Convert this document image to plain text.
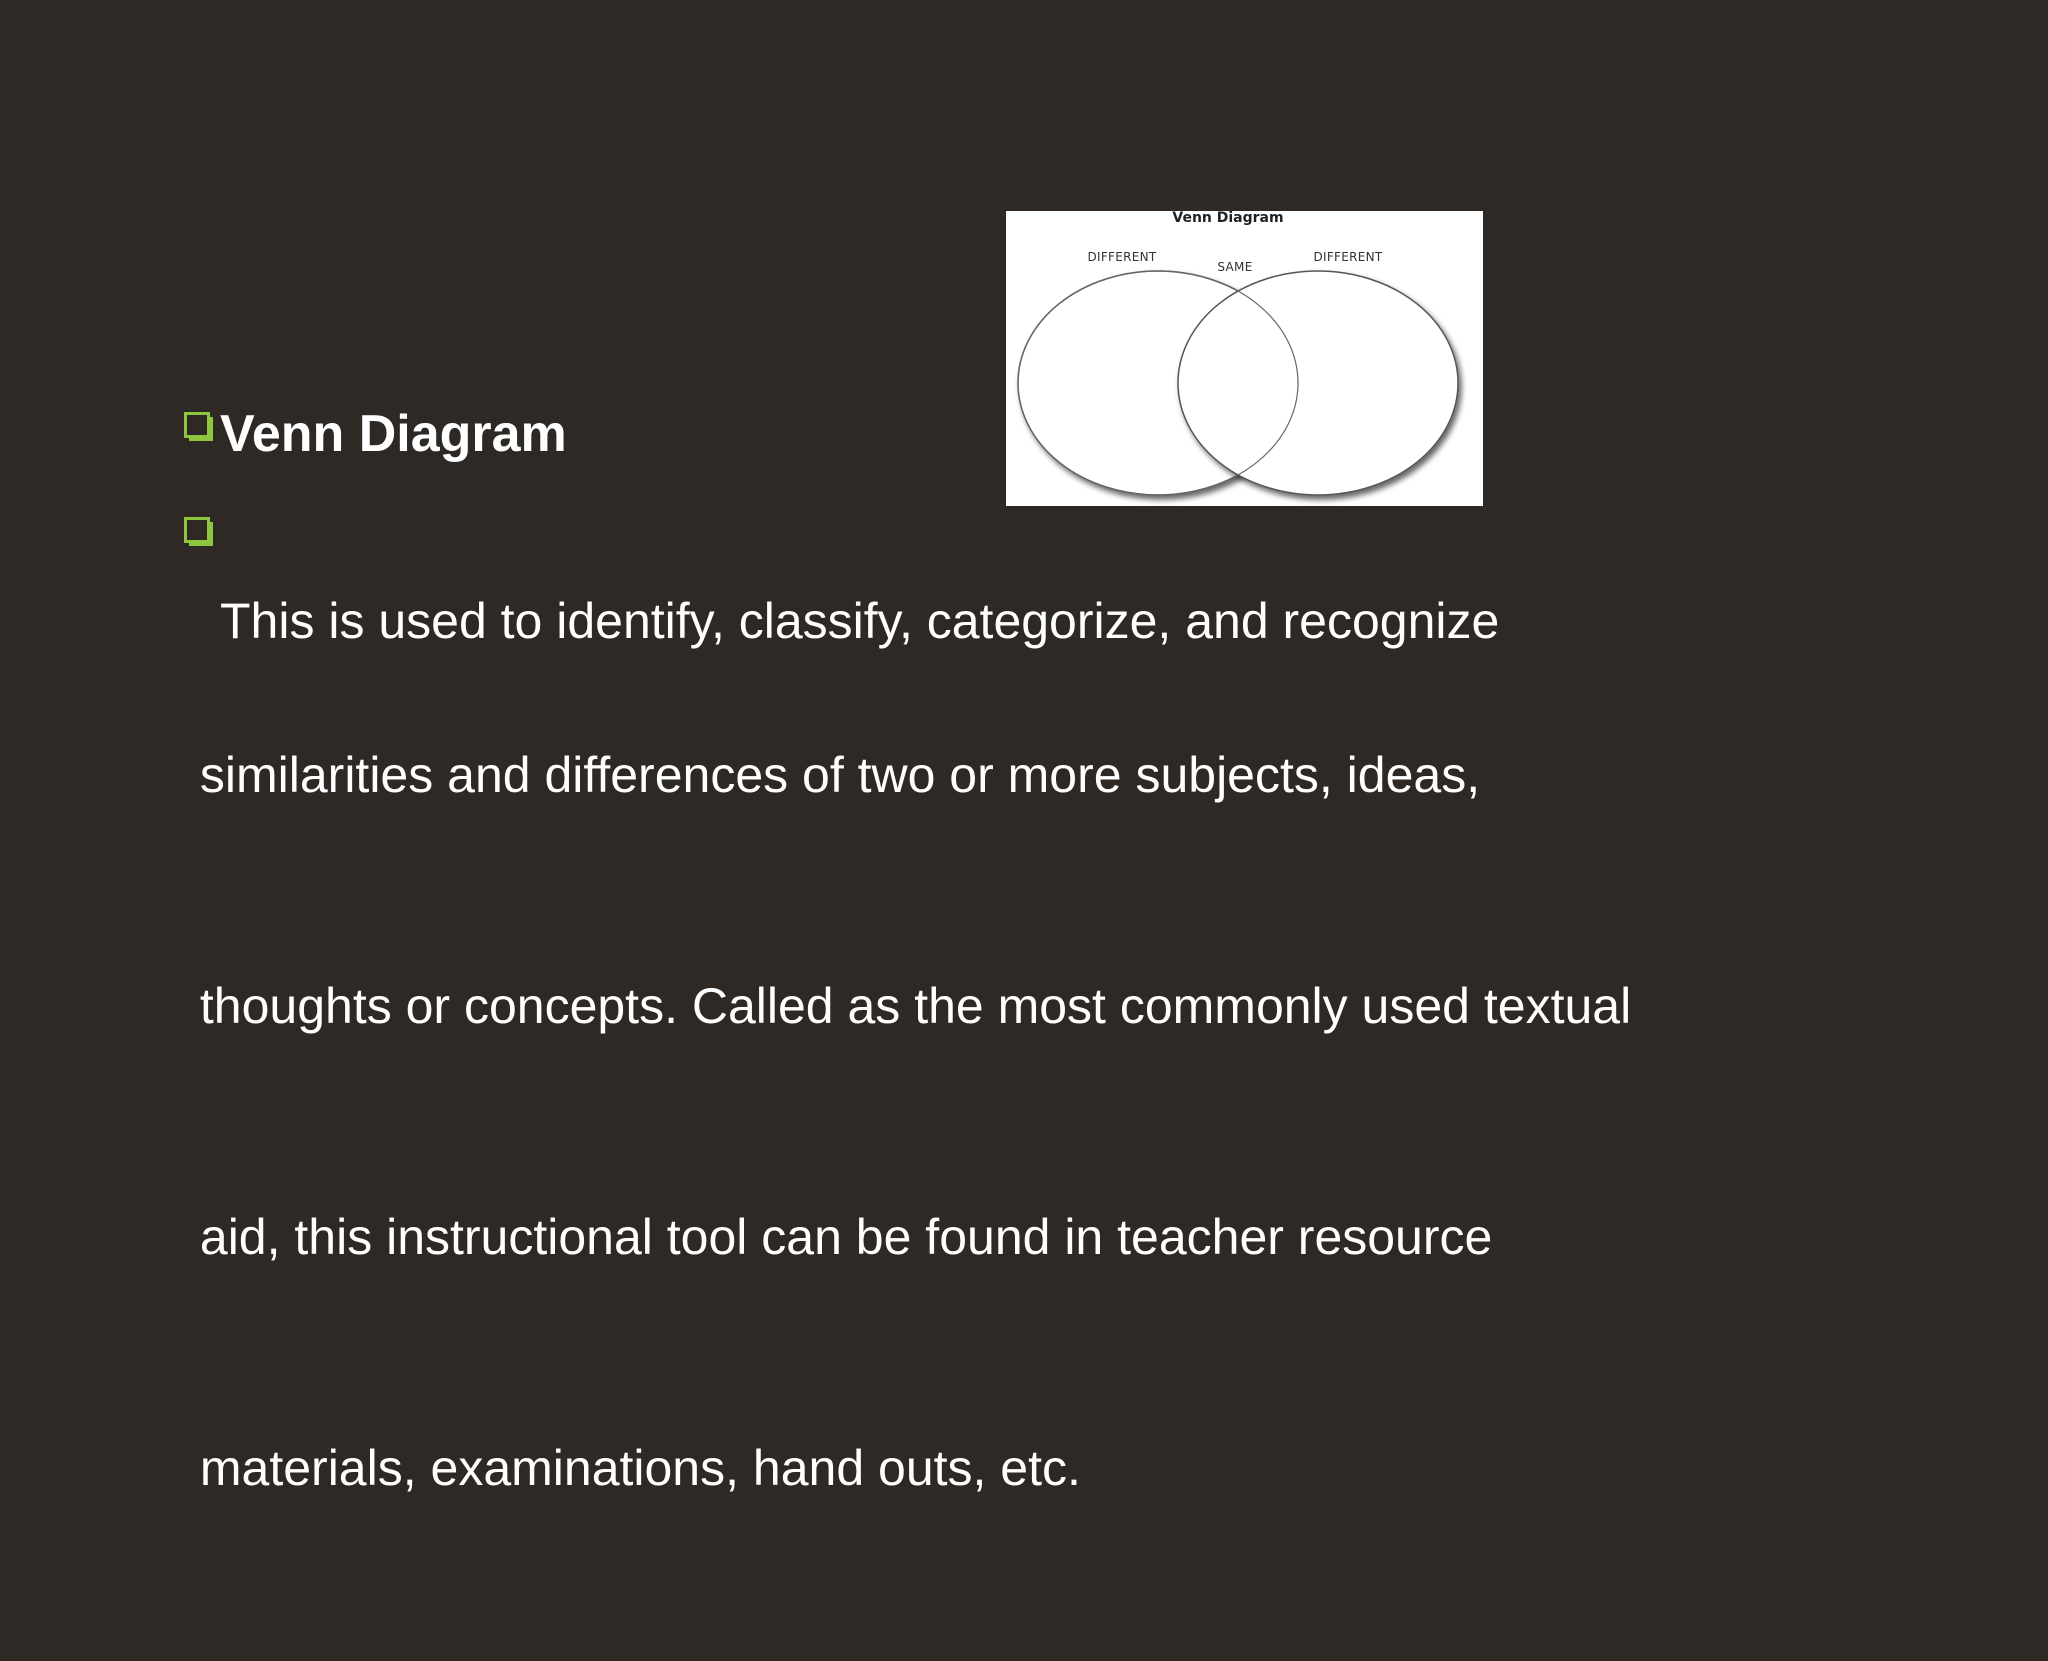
Venn Diagram
DIFFERENT
SAME
DIFFERENT
Venn Diagram

This is used to identify, classify, categorize, and recognize

similarities and differences of two or more subjects, ideas,

thoughts or concepts. Called as the most commonly used textual

aid, this instructional tool can be found in teacher resource

materials, examinations, hand outs, etc.
